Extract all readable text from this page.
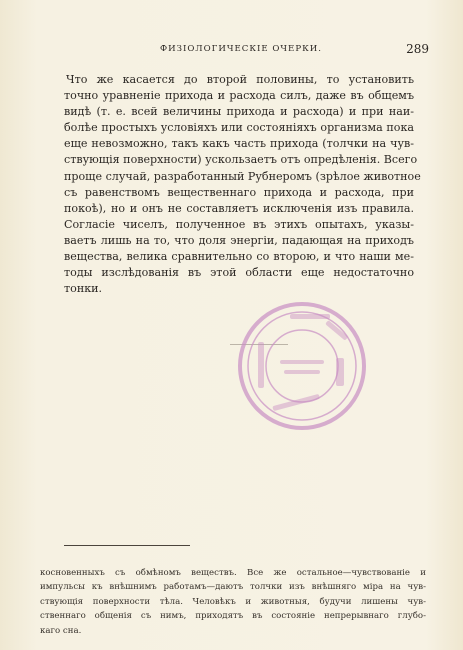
ФИЗІОЛОГИЧЕСКІЕ ОЧЕРКИ.	289
Что же касается до второй половины, то установить
точно уравненіе прихода и расхода силъ, даже въ общемъ
видѣ (т. е. всей величины прихода и расхода) и при наи-
болѣе простыхъ условіяхъ или состояніяхъ организма пока
еще невозможно, такъ какъ часть прихода (толчки на чув-
ствующія поверхности) ускользаетъ отъ опредѣленія. Всего
проще случай, разработанный Рубнеромъ (зрѣлое животное
съ равенствомъ вещественнаго прихода и расхода, при
покоѣ), но и онъ не составляетъ исключенія изъ правила.
Согласіе чиселъ, полученное въ этихъ опытахъ, указы-
ваетъ лишь на то, что доля энергіи, падающая на приходъ
вещества, велика сравнительно со второю, и что наши ме-
тоды изслѣдованія въ этой области еще недостаточно
тонки.
косновенныхъ съ обмѣномъ веществъ. Все же остальное—чувствованіе и
импульсы къ внѣшнимъ работамъ—даютъ толчки изъ внѣшняго міра на чув-
ствующія поверхности тѣла. Человѣкъ и животныя, будучи лишены чув-
ственнаго общенія съ нимъ, приходятъ въ состояніе непрерывнаго глубо-
каго сна.
